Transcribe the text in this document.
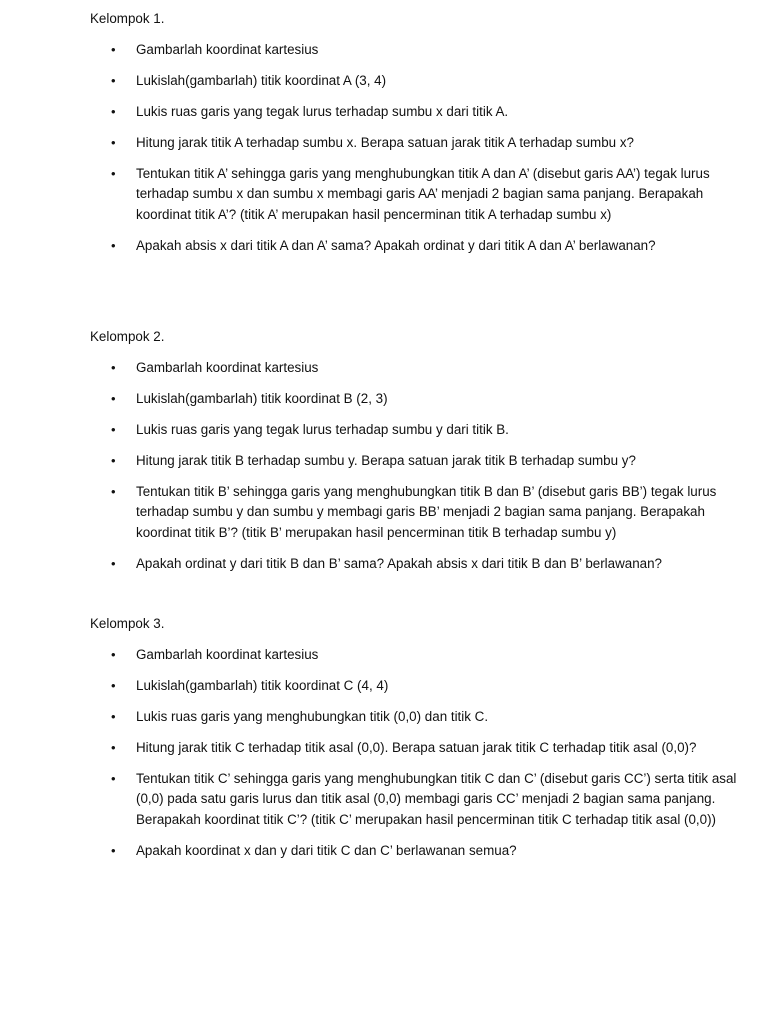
Kelompok 1.
•	Gambarlah koordinat kartesius
•	Lukislah(gambarlah) titik koordinat A (3, 4)
•	Lukis ruas garis yang tegak lurus terhadap sumbu x dari titik A.
•	Hitung jarak titik A terhadap sumbu x. Berapa satuan jarak titik A terhadap sumbu x?
•	Tentukan titik A’ sehingga garis yang menghubungkan titik A dan A’ (disebut garis AA’) tegak lurus terhadap sumbu x dan sumbu x membagi garis AA’ menjadi 2 bagian sama panjang. Berapakah koordinat titik A’? (titik A’ merupakan hasil pencerminan titik A terhadap sumbu x)
•	Apakah absis x dari titik A dan A’ sama? Apakah ordinat y dari titik A dan A’ berlawanan?
Kelompok 2.
•	Gambarlah koordinat kartesius
•	Lukislah(gambarlah) titik koordinat B (2, 3)
•	Lukis ruas garis yang tegak lurus terhadap sumbu y dari titik B.
•	Hitung jarak titik B terhadap sumbu y. Berapa satuan jarak titik B terhadap sumbu y?
•	Tentukan titik B’ sehingga garis yang menghubungkan titik B dan B’ (disebut garis BB’) tegak lurus terhadap sumbu y dan sumbu y membagi garis BB’ menjadi 2 bagian sama panjang. Berapakah koordinat titik B’? (titik B’ merupakan hasil pencerminan titik B terhadap sumbu y)
•	Apakah ordinat y dari titik B dan B’ sama? Apakah absis x dari titik B dan B’ berlawanan?
Kelompok 3.
•	Gambarlah koordinat kartesius
•	Lukislah(gambarlah) titik koordinat C (4, 4)
•	Lukis ruas garis yang menghubungkan titik (0,0) dan titik C.
•	Hitung jarak titik C terhadap titik asal (0,0). Berapa satuan jarak titik C terhadap titik asal (0,0)?
•	Tentukan titik C’ sehingga garis yang menghubungkan titik C dan C’ (disebut garis CC’) serta titik asal (0,0) pada satu garis lurus dan titik asal (0,0) membagi garis CC’ menjadi 2 bagian sama panjang. Berapakah koordinat titik C’? (titik C’ merupakan hasil pencerminan titik C terhadap titik asal (0,0))
•	Apakah koordinat x dan y dari titik C dan C’ berlawanan semua?
